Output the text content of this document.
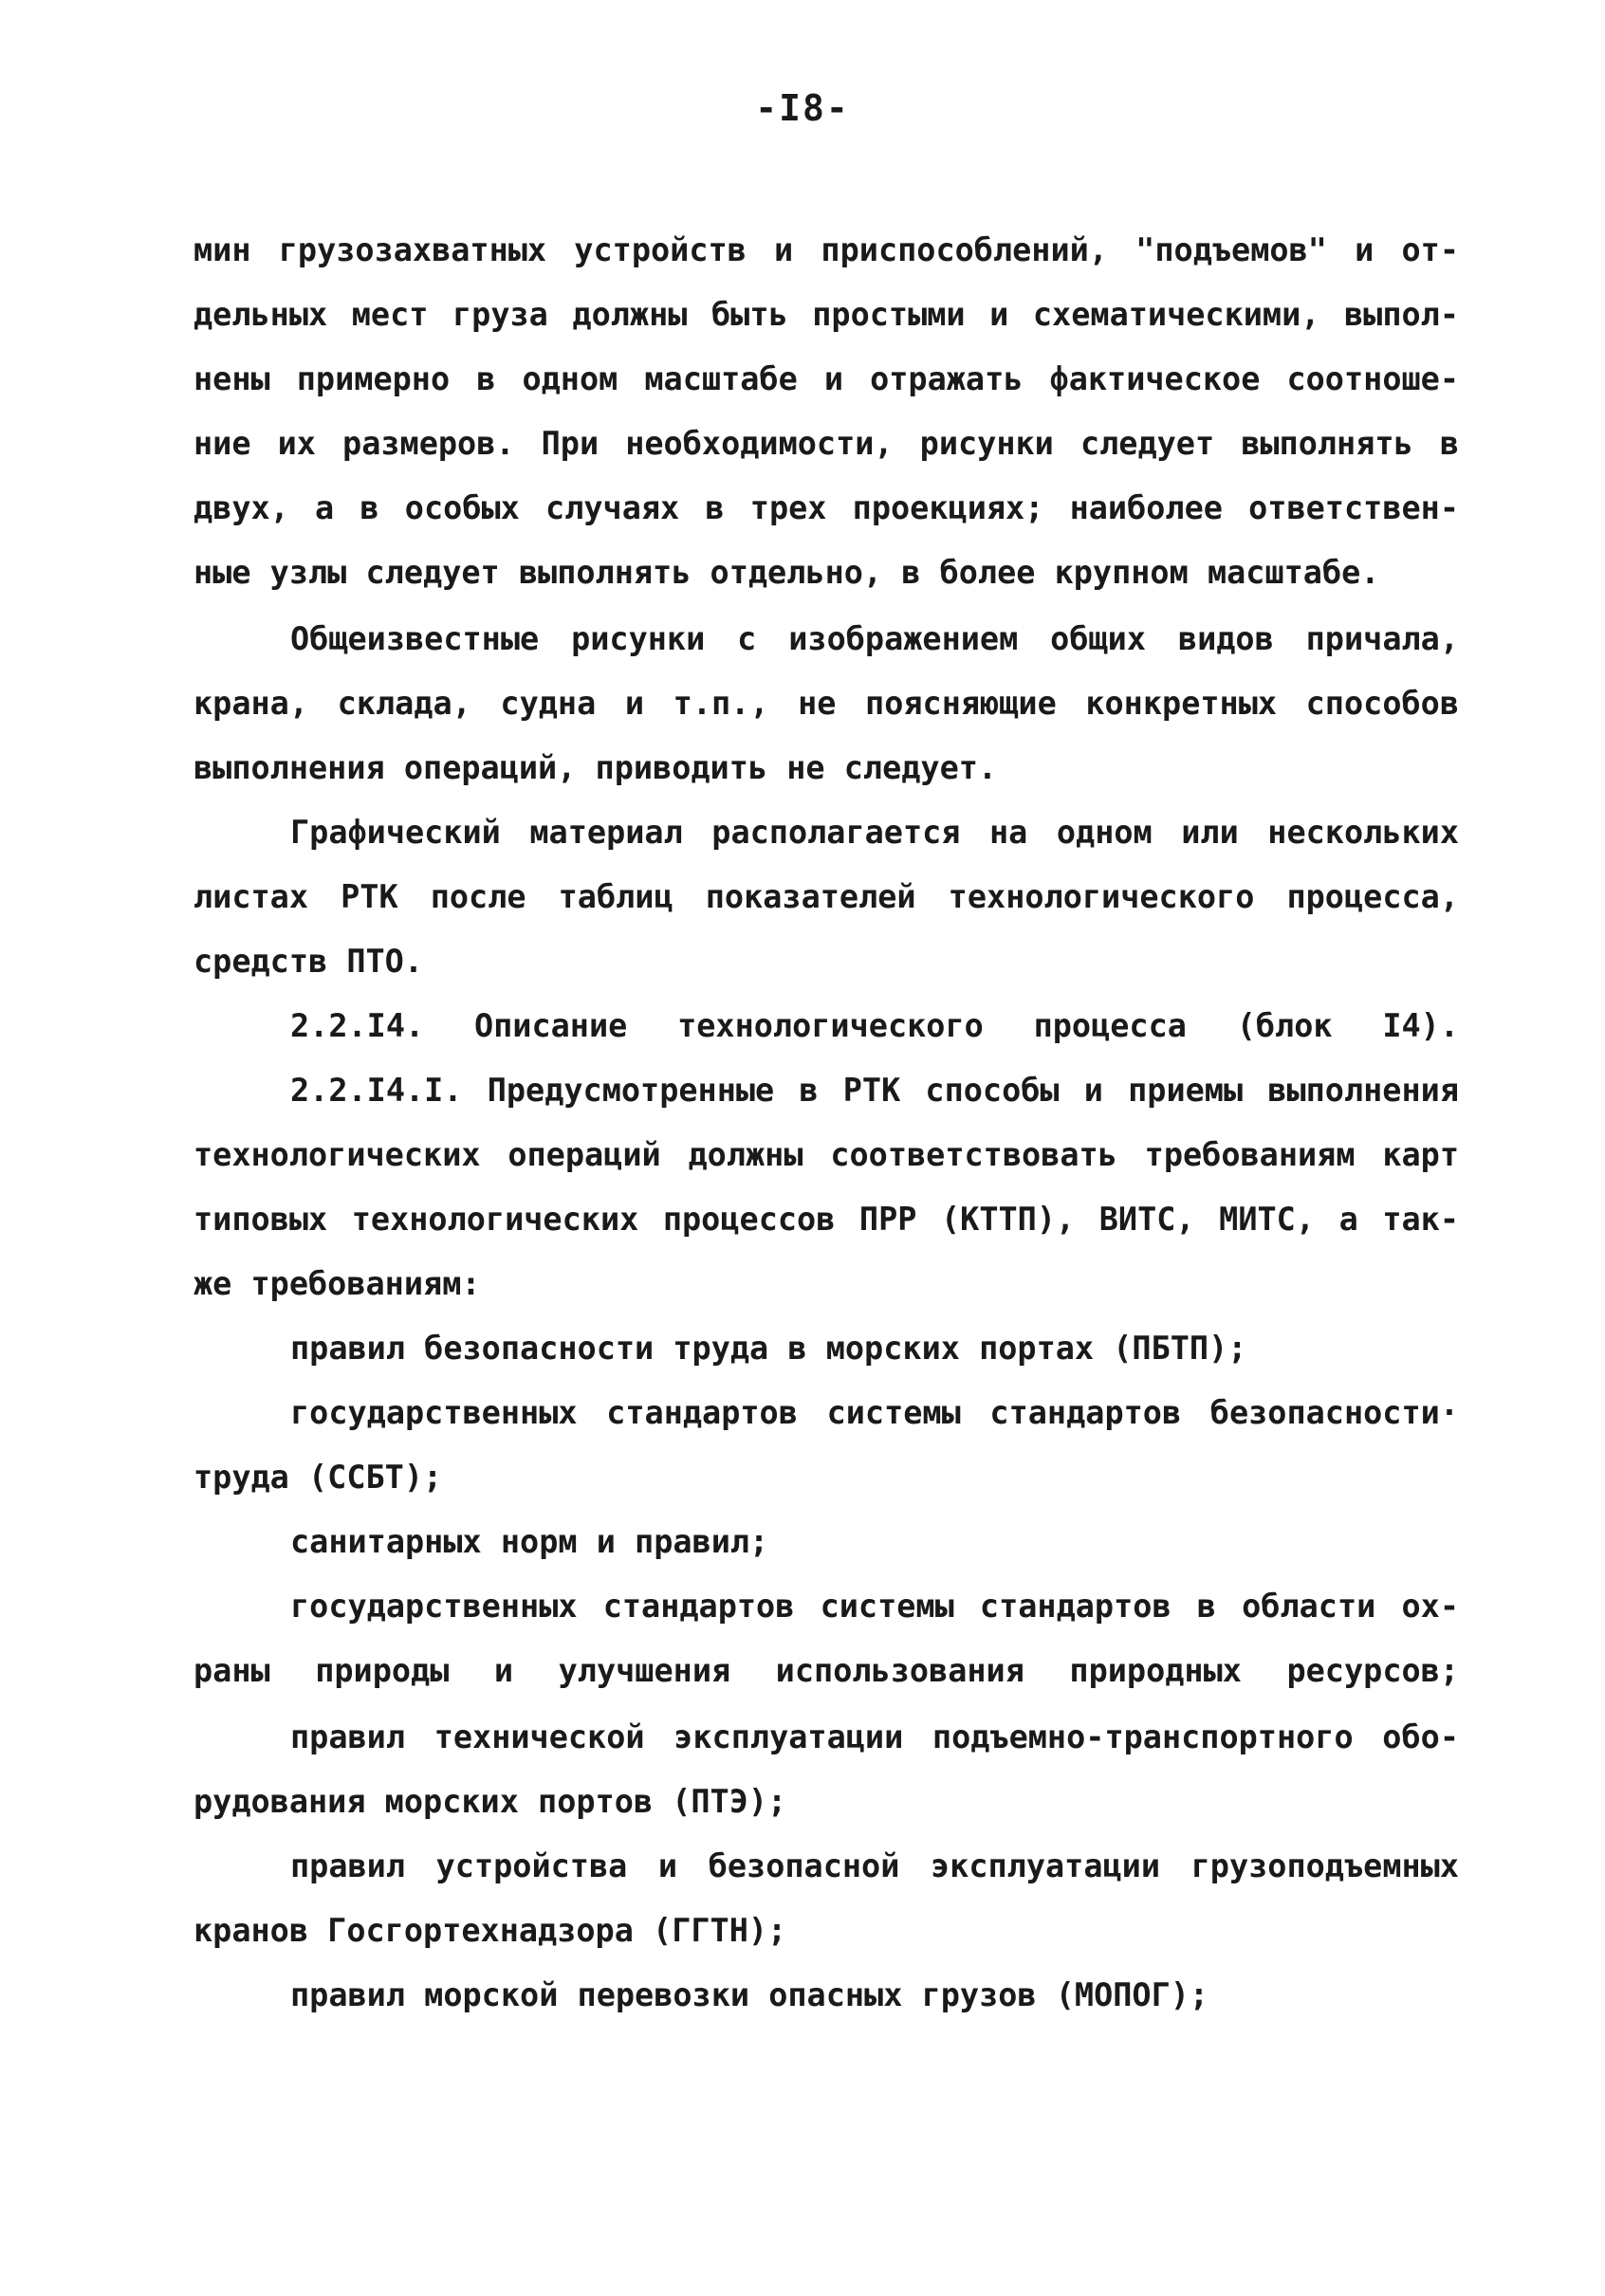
-I8-
мин грузозахватных устройств и приспособлений, "подъемов" и от-
дельных мест груза должны быть простыми и схематическими, выпол-
нены примерно в одном масштабе и отражать фактическое соотноше-
ние их размеров. При необходимости, рисунки следует выполнять в
двух, а в особых случаях в трех проекциях; наиболее ответствен-
ные узлы следует выполнять отдельно, в более крупном масштабе.
Общеизвестные рисунки с изображением общих видов причала,
крана, склада, судна и т.п., не поясняющие конкретных способов
выполнения операций, приводить не следует.
Графический материал располагается на одном или нескольких
листах РТК после таблиц показателей технологического процесса,
средств ПТО.
2.2.I4. Описание технологического процесса (блок I4).
2.2.I4.I. Предусмотренные в РТК способы и приемы выполнения
технологических операций должны соответствовать требованиям карт
типовых технологических процессов ПРР (КТТП), ВИТС, МИТС, а так-
же требованиям:
правил безопасности труда в морских портах (ПБТП);
государственных стандартов системы стандартов безопасности·
труда (ССБТ);
санитарных норм и правил;
государственных стандартов системы стандартов в области ох-
раны природы и улучшения использования природных ресурсов;
правил технической эксплуатации подъемно-транспортного обо-
рудования морских портов (ПТЭ);
правил устройства и безопасной эксплуатации грузоподъемных
кранов Госгортехнадзора (ГГТН);
правил морской перевозки опасных грузов (МОПОГ);
